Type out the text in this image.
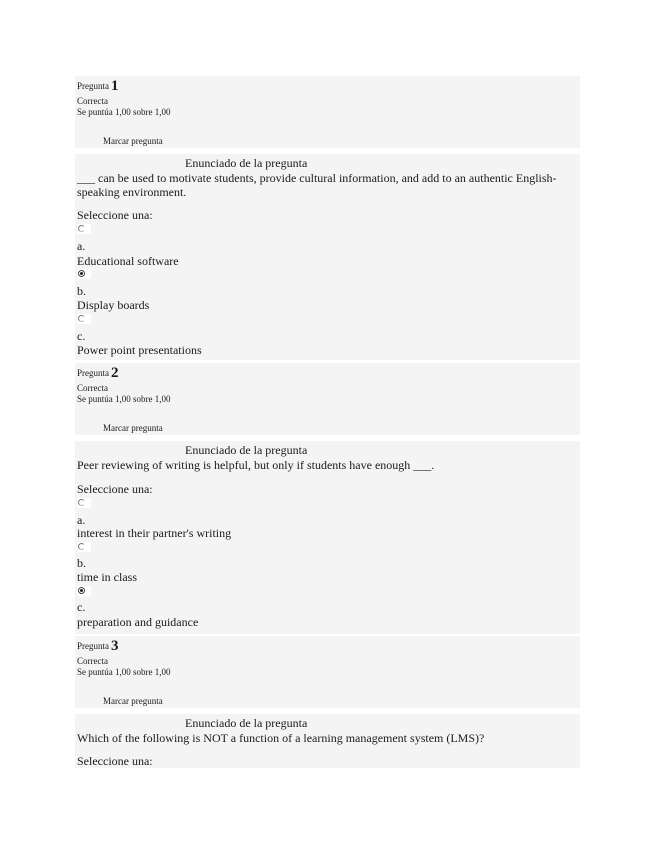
Pregunta 1
Correcta
Se puntúa 1,00 sobre 1,00
Marcar pregunta
Enunciado de la pregunta
___ can be used to motivate students, provide cultural information, and add to an authentic English-speaking environment.
Seleccione una:
a.
Educational software
b.
Display boards
c.
Power point presentations
Pregunta 2
Correcta
Se puntúa 1,00 sobre 1,00
Marcar pregunta
Enunciado de la pregunta
Peer reviewing of writing is helpful, but only if students have enough ___.
Seleccione una:
a.
interest in their partner's writing
b.
time in class
c.
preparation and guidance
Pregunta 3
Correcta
Se puntúa 1,00 sobre 1,00
Marcar pregunta
Enunciado de la pregunta
Which of the following is NOT a function of a learning management system (LMS)?
Seleccione una:
